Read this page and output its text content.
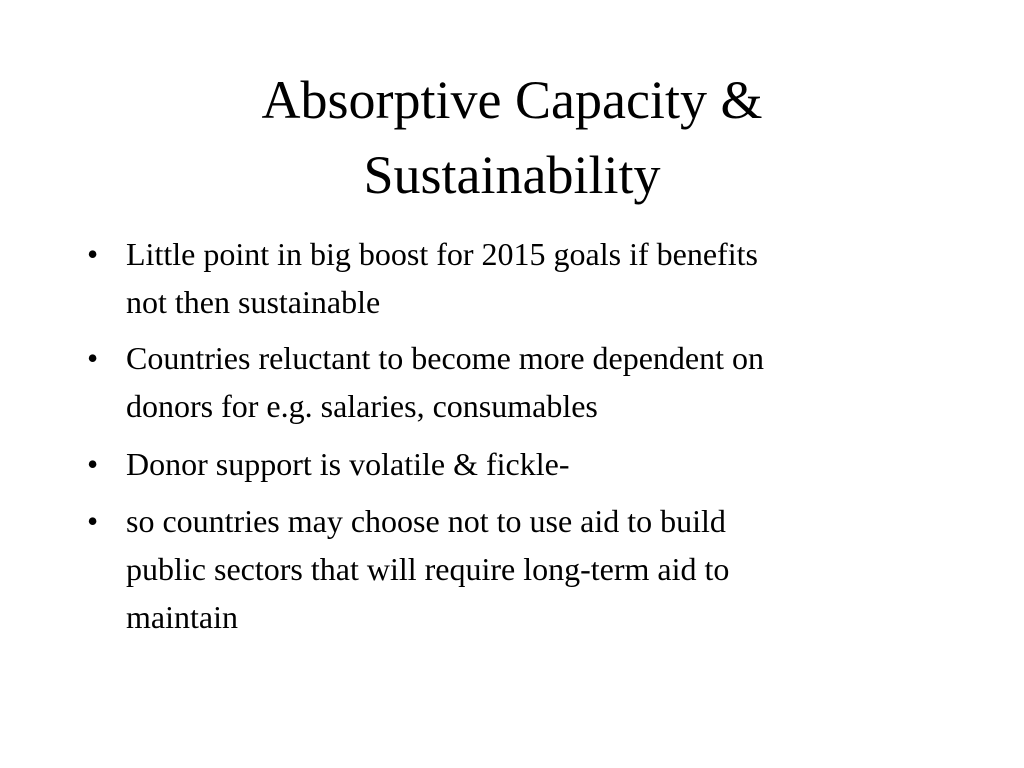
Absorptive Capacity &
Sustainability
• Little point in big boost for 2015 goals if benefits
not then sustainable
• Countries reluctant to become more dependent on
donors for e.g. salaries, consumables
• Donor support is volatile & fickle-
• so countries may choose not to use aid to build
public sectors that will require long-term aid to
maintain
